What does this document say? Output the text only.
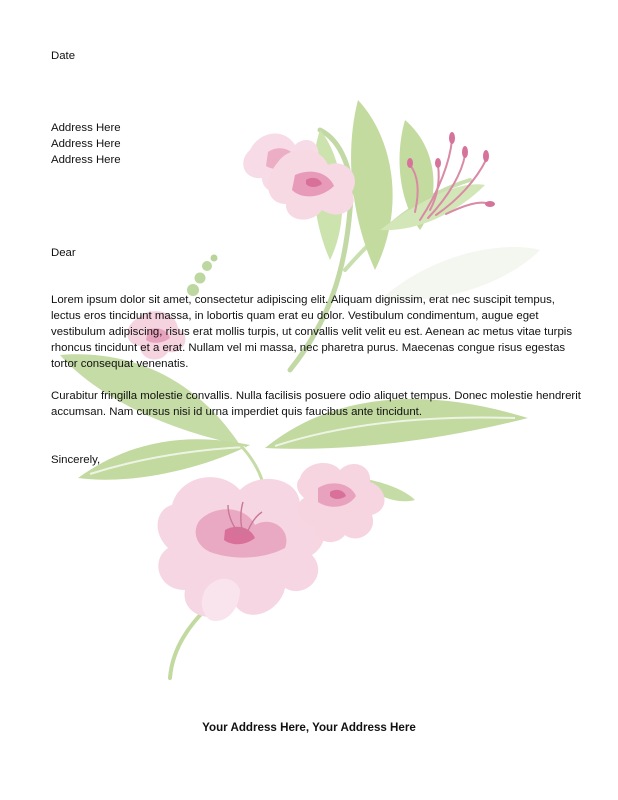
Date
Address Here
Address Here
Address Here
Dear
Lorem ipsum dolor sit amet, consectetur adipiscing elit. Aliquam dignissim, erat nec suscipit tempus, lectus eros tincidunt massa, in lobortis quam erat eu dolor. Vestibulum condimentum, augue eget vestibulum adipiscing, risus erat mollis turpis, ut convallis velit velit eu est. Aenean ac metus vitae turpis rhoncus tincidunt et a erat. Nullam vel mi massa, nec pharetra purus. Maecenas congue risus egestas tortor consequat venenatis.
Curabitur fringilla molestie convallis. Nulla facilisis posuere odio aliquet tempus. Donec molestie hendrerit accumsan. Nam cursus nisi id urna imperdiet quis faucibus ante tincidunt.
Sincerely,
Your Address Here, Your Address Here
